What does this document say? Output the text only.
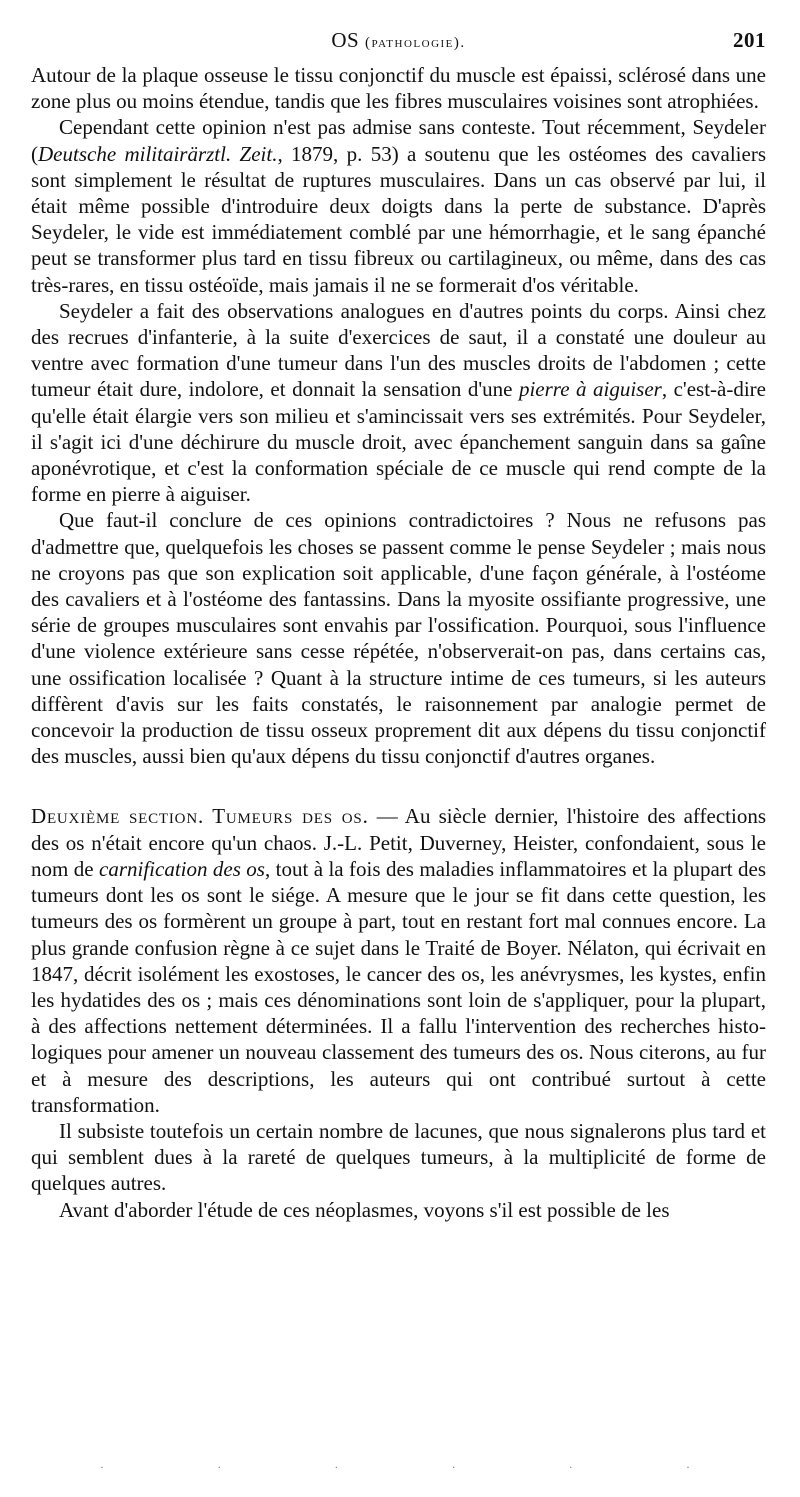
OS (pathologie).	201

Autour de la plaque osseuse le tissu conjonctif du muscle est épaissi, sclérosé dans une zone plus ou moins étendue, tandis que les fibres musculaires voisines sont atrophiées.

Cependant cette opinion n'est pas admise sans conteste. Tout récemment, Seydeler (Deutsche militairärztl. Zeit., 1879, p. 53) a soutenu que les ostéomes des cavaliers sont simplement le résultat de ruptures musculaires. Dans un cas observé par lui, il était même possible d'introduire deux doigts dans la perte de substance. D'après Seydeler, le vide est immédiatement comblé par une hémorrhagie, et le sang épanché peut se transformer plus tard en tissu fibreux ou cartilagineux, ou même, dans des cas très-rares, en tissu ostéoïde, mais jamais il ne se formerait d'os véritable.

Seydeler a fait des observations analogues en d'autres points du corps. Ainsi chez des recrues d'infanterie, à la suite d'exercices de saut, il a constaté une douleur au ventre avec formation d'une tumeur dans l'un des muscles droits de l'abdomen ; cette tumeur était dure, indolore, et donnait la sensation d'une pierre à aiguiser, c'est-à-dire qu'elle était élargie vers son milieu et s'amincissait vers ses extrémités. Pour Seydeler, il s'agit ici d'une déchirure du muscle droit, avec épanchement sanguin dans sa gaîne aponévrotique, et c'est la conformation spéciale de ce muscle qui rend compte de la forme en pierre à aiguiser.

Que faut-il conclure de ces opinions contradictoires ? Nous ne refusons pas d'admettre que, quelquefois les choses se passent comme le pense Seydeler ; mais nous ne croyons pas que son explication soit applicable, d'une façon générale, à l'ostéome des cavaliers et à l'ostéome des fantassins. Dans la myosite ossifiante progressive, une série de groupes musculaires sont envahis par l'ossification. Pourquoi, sous l'influence d'une violence extérieure sans cesse répétée, n'observerait-on pas, dans certains cas, une ossification localisée ? Quant à la structure intime de ces tumeurs, si les auteurs diffèrent d'avis sur les faits constatés, le raisonnement par analogie permet de concevoir la production de tissu osseux proprement dit aux dépens du tissu conjonctif des muscles, aussi bien qu'aux dépens du tissu conjonctif d'autres organes.

Deuxième section. Tumeurs des os. — Au siècle dernier, l'histoire des affections des os n'était encore qu'un chaos. J.-L. Petit, Duverney, Heister, confondaient, sous le nom de carnification des os, tout à la fois des maladies inflammatoires et la plupart des tumeurs dont les os sont le siége. A mesure que le jour se fit dans cette question, les tumeurs des os formèrent un groupe à part, tout en restant fort mal connues encore. La plus grande confusion règne à ce sujet dans le Traité de Boyer. Nélaton, qui écrivait en 1847, décrit isolément les exostoses, le cancer des os, les anévrysmes, les kystes, enfin les hydatides des os ; mais ces dénominations sont loin de s'appliquer, pour la plupart, à des affections nettement déterminées. Il a fallu l'intervention des recherches histologiques pour amener un nouveau classement des tumeurs des os. Nous citerons, au fur et à mesure des descriptions, les auteurs qui ont contribué surtout à cette transformation.

Il subsiste toutefois un certain nombre de lacunes, que nous signalerons plus tard et qui semblent dues à la rareté de quelques tumeurs, à la multiplicité de forme de quelques autres.

Avant d'aborder l'étude de ces néoplasmes, voyons s'il est possible de les

·	·	·	·	·	·
